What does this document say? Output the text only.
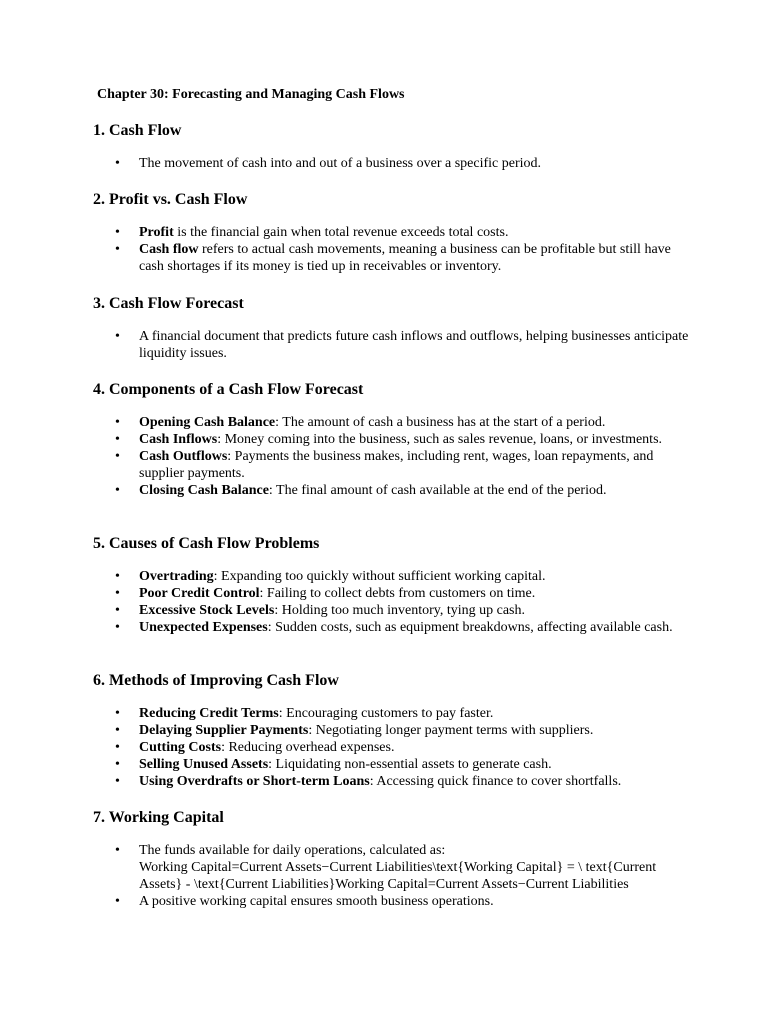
Chapter 30: Forecasting and Managing Cash Flows
1. Cash Flow
• The movement of cash into and out of a business over a specific period.
2. Profit vs. Cash Flow
• Profit is the financial gain when total revenue exceeds total costs.
• Cash flow refers to actual cash movements, meaning a business can be profitable but still have cash shortages if its money is tied up in receivables or inventory.
3. Cash Flow Forecast
• A financial document that predicts future cash inflows and outflows, helping businesses anticipate liquidity issues.
4. Components of a Cash Flow Forecast
• Opening Cash Balance: The amount of cash a business has at the start of a period.
• Cash Inflows: Money coming into the business, such as sales revenue, loans, or investments.
• Cash Outflows: Payments the business makes, including rent, wages, loan repayments, and supplier payments.
• Closing Cash Balance: The final amount of cash available at the end of the period.
5. Causes of Cash Flow Problems
• Overtrading: Expanding too quickly without sufficient working capital.
• Poor Credit Control: Failing to collect debts from customers on time.
• Excessive Stock Levels: Holding too much inventory, tying up cash.
• Unexpected Expenses: Sudden costs, such as equipment breakdowns, affecting available cash.
6. Methods of Improving Cash Flow
• Reducing Credit Terms: Encouraging customers to pay faster.
• Delaying Supplier Payments: Negotiating longer payment terms with suppliers.
• Cutting Costs: Reducing overhead expenses.
• Selling Unused Assets: Liquidating non-essential assets to generate cash.
• Using Overdrafts or Short-term Loans: Accessing quick finance to cover shortfalls.
7. Working Capital
• The funds available for daily operations, calculated as:
Working Capital=Current Assets−Current Liabilities\text{Working Capital} = \ text{Current Assets} - \text{Current Liabilities}Working Capital=Current Assets−Current Liabilities
• A positive working capital ensures smooth business operations.
